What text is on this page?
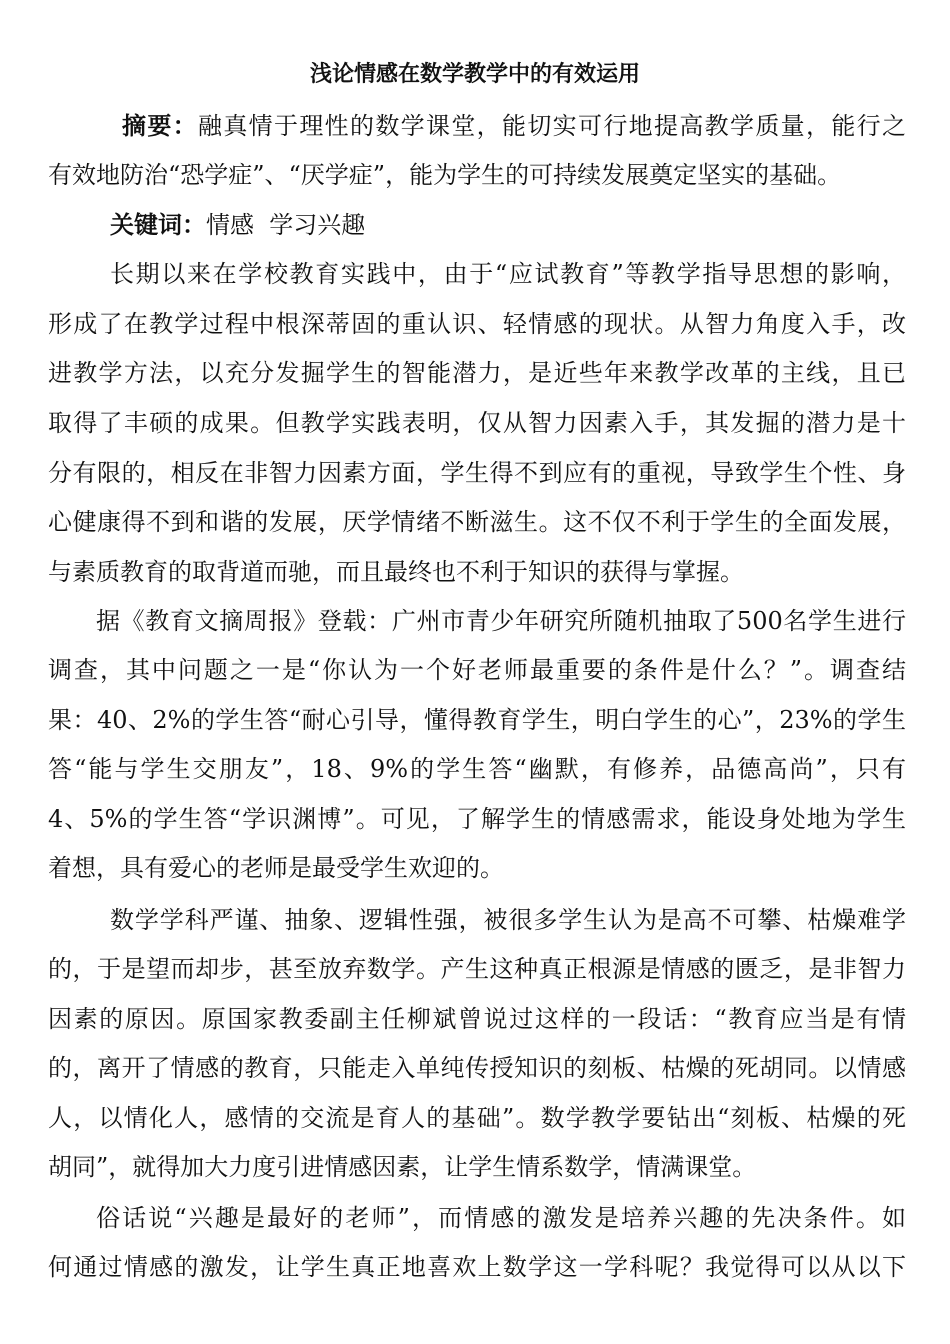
浅论情感在数学教学中的有效运用
摘要：融真情于理性的数学课堂，能切实可行地提高教学质量，能行之
有效地防治“恐学症”、“厌学症”，能为学生的可持续发展奠定坚实的基础。
关键词：情感  学习兴趣
长期以来在学校教育实践中，由于“应试教育”等教学指导思想的影响，
形成了在教学过程中根深蒂固的重认识、轻情感的现状。从智力角度入手，改
进教学方法，以充分发掘学生的智能潜力，是近些年来教学改革的主线，且已
取得了丰硕的成果。但教学实践表明，仅从智力因素入手，其发掘的潜力是十
分有限的，相反在非智力因素方面，学生得不到应有的重视，导致学生个性、身
心健康得不到和谐的发展，厌学情绪不断滋生。这不仅不利于学生的全面发展，
与素质教育的取背道而驰，而且最终也不利于知识的获得与掌握。
据《教育文摘周报》登载：广州市青少年研究所随机抽取了500名学生进行
调查，其中问题之一是“你认为一个好老师最重要的条件是什么？”。调查结
果：40、2%的学生答“耐心引导，懂得教育学生，明白学生的心”，23%的学生
答“能与学生交朋友”，18、9%的学生答“幽默，有修养，品德高尚”，只有
4、5%的学生答“学识渊博”。可见，了解学生的情感需求，能设身处地为学生
着想，具有爱心的老师是最受学生欢迎的。
数学学科严谨、抽象、逻辑性强，被很多学生认为是高不可攀、枯燥难学
的，于是望而却步，甚至放弃数学。产生这种真正根源是情感的匮乏，是非智力
因素的原因。原国家教委副主任柳斌曾说过这样的一段话：“教育应当是有情
的，离开了情感的教育，只能走入单纯传授知识的刻板、枯燥的死胡同。以情感
人，以情化人，感情的交流是育人的基础”。数学教学要钻出“刻板、枯燥的死
胡同”，就得加大力度引进情感因素，让学生情系数学，情满课堂。
俗话说“兴趣是最好的老师”，而情感的激发是培养兴趣的先决条件。如
何通过情感的激发，让学生真正地喜欢上数学这一学科呢？我觉得可以从以下
